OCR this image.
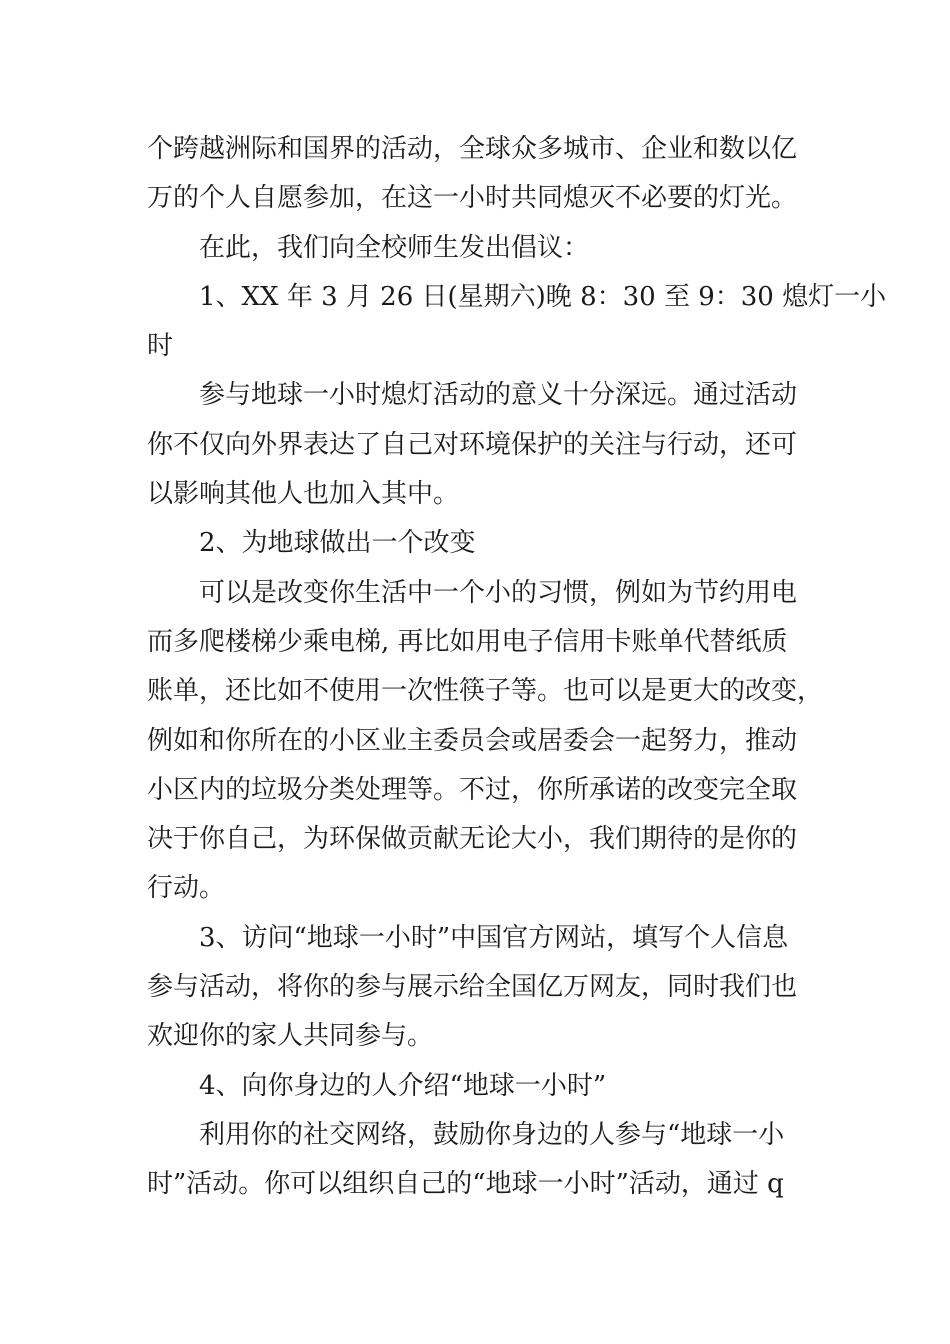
个跨越洲际和国界的活动，全球众多城市、企业和数以亿
万的个人自愿参加，在这一小时共同熄灭不必要的灯光。

在此，我们向全校师生发出倡议：

1、XX 年 3 月 26 日(星期六)晚 8：30 至 9：30 熄灯一小
时

参与地球一小时熄灯活动的意义十分深远。通过活动
你不仅向外界表达了自己对环境保护的关注与行动，还可
以影响其他人也加入其中。

2、为地球做出一个改变

可以是改变你生活中一个小的习惯，例如为节约用电
而多爬楼梯少乘电梯, 再比如用电子信用卡账单代替纸质
账单，还比如不使用一次性筷子等。也可以是更大的改变，
例如和你所在的小区业主委员会或居委会一起努力，推动
小区内的垃圾分类处理等。不过，你所承诺的改变完全取
决于你自己，为环保做贡献无论大小，我们期待的是你的
行动。

3、访问“地球一小时”中国官方网站，填写个人信息
参与活动，将你的参与展示给全国亿万网友，同时我们也
欢迎你的家人共同参与。

4、向你身边的人介绍“地球一小时”

利用你的社交网络，鼓励你身边的人参与“地球一小
时”活动。你可以组织自己的“地球一小时”活动，通过 q
